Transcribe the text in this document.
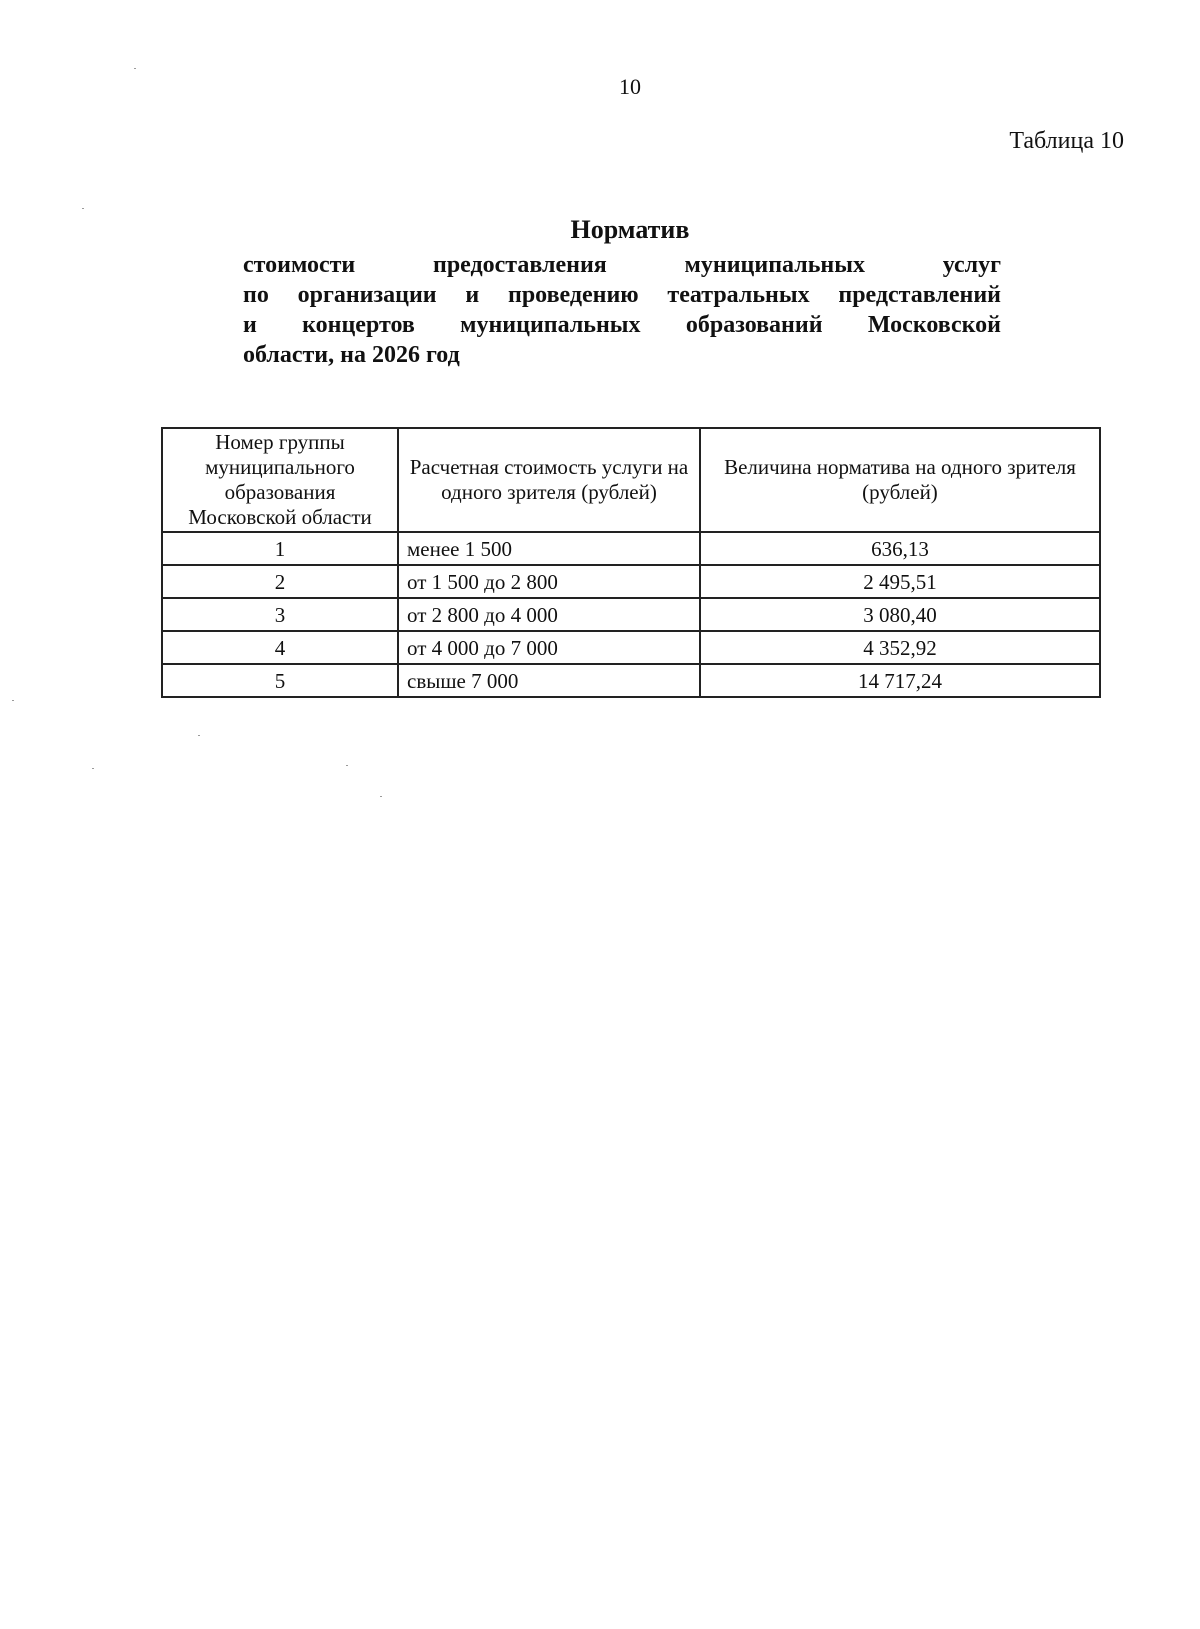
10
Таблица 10
Норматив
стоимости предоставления муниципальных услуг
по организации и проведению театральных представлений
и концертов муниципальных образований Московской
области, на 2026 год
Номер группы муниципального образования Московской области	Расчетная стоимость услуги на одного зрителя (рублей)	Величина норматива на одного зрителя (рублей)
1	менее 1 500	636,13
2	от 1 500 до 2 800	2 495,51
3	от 2 800 до 4 000	3 080,40
4	от 4 000 до 7 000	4 352,92
5	свыше 7 000	14 717,24
